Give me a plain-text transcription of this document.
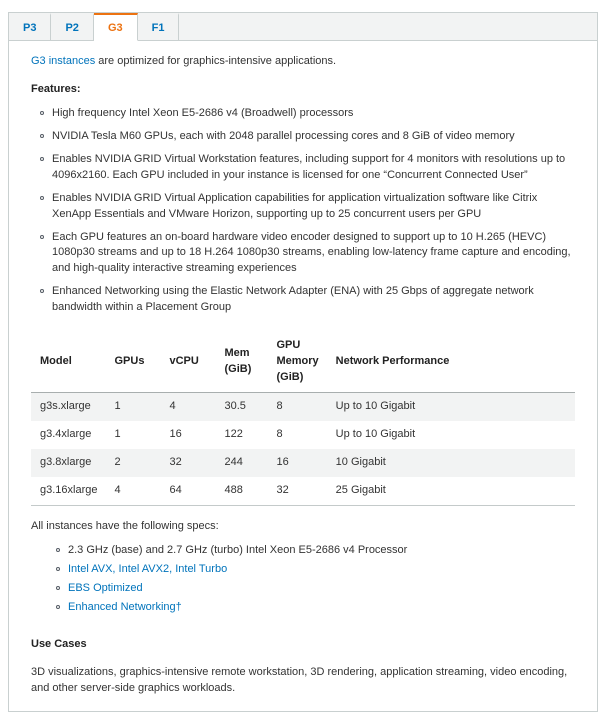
P3	P2	G3	F1

G3 instances are optimized for graphics-intensive applications.

Features:

High frequency Intel Xeon E5-2686 v4 (Broadwell) processors
NVIDIA Tesla M60 GPUs, each with 2048 parallel processing cores and 8 GiB of video memory
Enables NVIDIA GRID Virtual Workstation features, including support for 4 monitors with resolutions up to 4096x2160. Each GPU included in your instance is licensed for one “Concurrent Connected User”
Enables NVIDIA GRID Virtual Application capabilities for application virtualization software like Citrix XenApp Essentials and VMware Horizon, supporting up to 25 concurrent users per GPU
Each GPU features an on-board hardware video encoder designed to support up to 10 H.265 (HEVC) 1080p30 streams and up to 18 H.264 1080p30 streams, enabling low-latency frame capture and encoding, and high-quality interactive streaming experiences
Enhanced Networking using the Elastic Network Adapter (ENA) with 25 Gbps of aggregate network bandwidth within a Placement Group
Model	GPUs	vCPU	Mem (GiB)	GPU Memory (GiB)	Network Performance
g3s.xlarge	1	4	30.5	8	Up to 10 Gigabit
g3.4xlarge	1	16	122	8	Up to 10 Gigabit
g3.8xlarge	2	32	244	16	10 Gigabit
g3.16xlarge	4	64	488	32	25 Gigabit

All instances have the following specs:

2.3 GHz (base) and 2.7 GHz (turbo) Intel Xeon E5-2686 v4 Processor
Intel AVX, Intel AVX2, Intel Turbo
EBS Optimized
Enhanced Networking†

Use Cases

3D visualizations, graphics-intensive remote workstation, 3D rendering, application streaming, video encoding, and other server-side graphics workloads.
